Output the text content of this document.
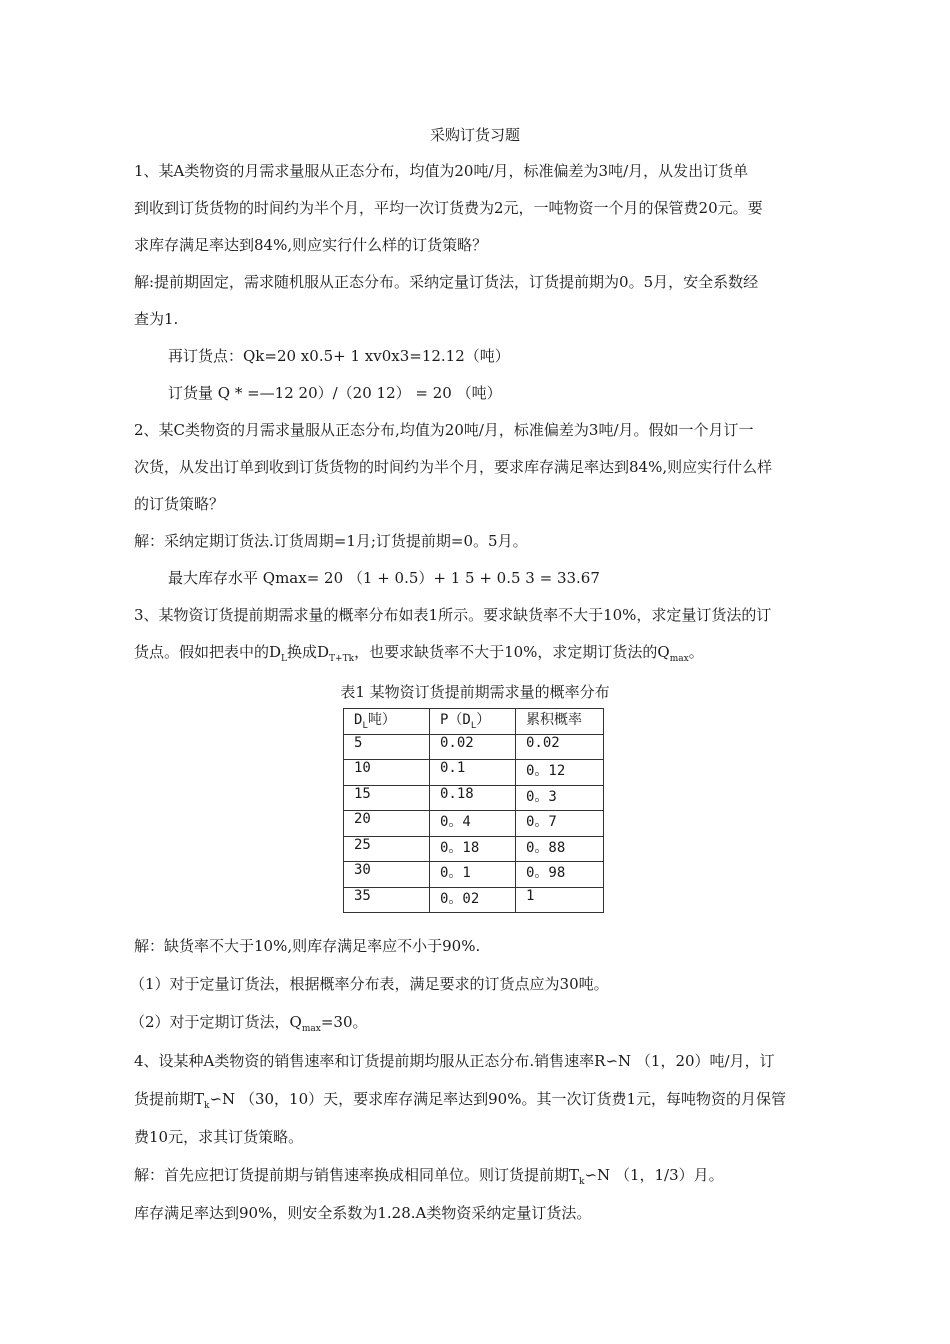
采购订货习题
1、某A类物资的月需求量服从正态分布，均值为20吨/月，标准偏差为3吨/月，从发出订货单
到收到订货货物的时间约为半个月，平均一次订货费为2元，一吨物资一个月的保管费20元。要
求库存满足率达到84%,则应实行什么样的订货策略？
解:提前期固定，需求随机服从正态分布。采纳定量订货法，订货提前期为0。5月，安全系数经
查为1.
再订货点：Qk=20 x0.5+ 1 xv0x3=12.12（吨）
订货量 Q * =—12 20）/（20 12） = 20 （吨）
2、某C类物资的月需求量服从正态分布,均值为20吨/月，标准偏差为3吨/月。假如一个月订一
次货，从发出订单到收到订货货物的时间约为半个月，要求库存满足率达到84%,则应实行什么样
的订货策略？
解：采纳定期订货法.订货周期=1月;订货提前期=0。5月。
最大库存水平 Qmax= 20 （1 + 0.5）+ 1 5 + 0.5 3 = 33.67
3、某物资订货提前期需求量的概率分布如表1所示。要求缺货率不大于10%，求定量订货法的订
货点。假如把表中的$D_L$换成$D_{T+Tk}$，也要求缺货率不大于10%，求定期订货法的$Q_{max}$。
表1 某物资订货提前期需求量的概率分布
$D_L$吨）	$P(D_L)$	累积概率
5	0.02	0.02
10	0.1	0。12
15	0.18	0。3
20	0。4	0。7
25	0。18	0。88
30	0。1	0。98
35	0。02	1
解：缺货率不大于10%,则库存满足率应不小于90%.
（1）对于定量订货法，根据概率分布表，满足要求的订货点应为30吨。
（2）对于定期订货法，$Q_{max}=30$。
4、设某种A类物资的销售速率和订货提前期均服从正态分布.销售速率R∽N （1，20）吨/月，订
货提前期$T_k∽N$ （30，10）天，要求库存满足率达到90%。其一次订货费1元，每吨物资的月保管
费10元，求其订货策略。
解：首先应把订货提前期与销售速率换成相同单位。则订货提前期$T_k∽N$ （1，1/3）月。
库存满足率达到90%，则安全系数为1.28.A类物资采纳定量订货法。
